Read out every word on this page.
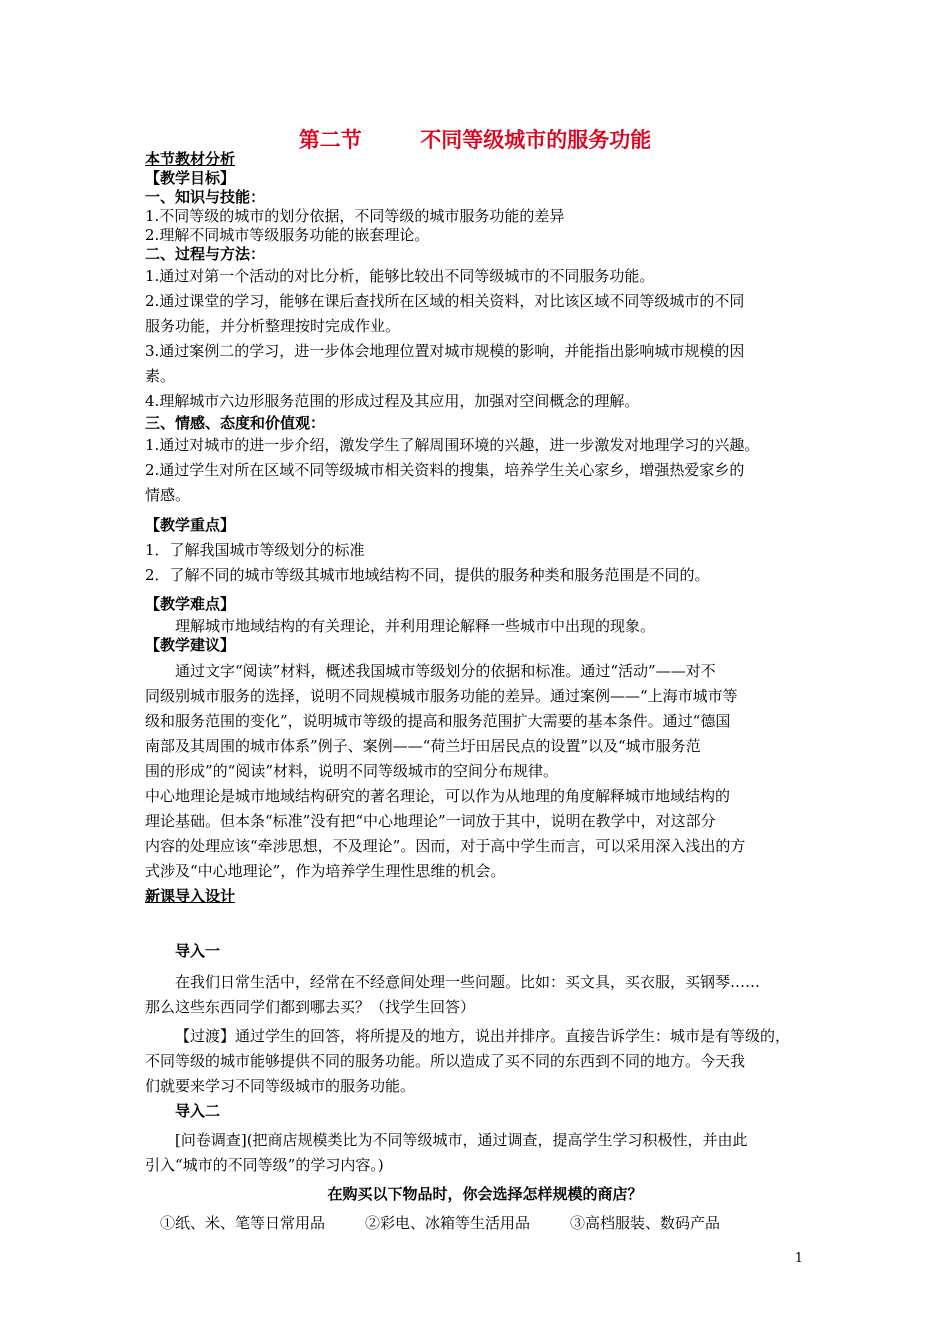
第二节        不同等级城市的服务功能

本节教材分析

【教学目标】

一、知识与技能：

1.不同等级的城市的划分依据，不同等级的城市服务功能的差异

2.理解不同城市等级服务功能的嵌套理论。

二、过程与方法：

1.通过对第一个活动的对比分析，能够比较出不同等级城市的不同服务功能。

2.通过课堂的学习，能够在课后查找所在区域的相关资料，对比该区域不同等级城市的不同

服务功能，并分析整理按时完成作业。

3.通过案例二的学习，进一步体会地理位置对城市规模的影响，并能指出影响城市规模的因

素。

4.理解城市六边形服务范围的形成过程及其应用，加强对空间概念的理解。

三、情感、态度和价值观：

1.通过对城市的进一步介绍，激发学生了解周围环境的兴趣，进一步激发对地理学习的兴趣。

2.通过学生对所在区域不同等级城市相关资料的搜集，培养学生关心家乡，增强热爱家乡的

情感。

【教学重点】

1．了解我国城市等级划分的标准

2．了解不同的城市等级其城市地域结构不同，提供的服务种类和服务范围是不同的。

【教学难点】

理解城市地域结构的有关理论，并利用理论解释一些城市中出现的现象。

【教学建议】

通过文字“阅读”材料，概述我国城市等级划分的依据和标准。通过“活动”——对不

同级别城市服务的选择，说明不同规模城市服务功能的差异。通过案例——“上海市城市等

级和服务范围的变化”，说明城市等级的提高和服务范围扩大需要的基本条件。通过“德国

南部及其周围的城市体系”例子、案例——“荷兰圩田居民点的设置”以及“城市服务范

围的形成”的“阅读”材料，说明不同等级城市的空间分布规律。

中心地理论是城市地域结构研究的著名理论，可以作为从地理的角度解释城市地域结构的

理论基础。但本条“标准”没有把“中心地理论”一词放于其中，说明在教学中，对这部分

内容的处理应该“牵涉思想，不及理论”。因而，对于高中学生而言，可以采用深入浅出的方

式涉及“中心地理论”，作为培养学生理性思维的机会。

新课导入设计

导入一

在我们日常生活中，经常在不经意间处理一些问题。比如：买文具，买衣服，买钢琴……

那么这些东西同学们都到哪去买？（找学生回答）

【过渡】通过学生的回答，将所提及的地方，说出并排序。直接告诉学生：城市是有等级的，

不同等级的城市能够提供不同的服务功能。所以造成了买不同的东西到不同的地方。今天我

们就要来学习不同等级城市的服务功能。

导入二

[问卷调查](把商店规模类比为不同等级城市，通过调查，提高学生学习积极性，并由此

引入“城市的不同等级”的学习内容。)

在购买以下物品时，你会选择怎样规模的商店？

①纸、米、笔等日常用品	②彩电、冰箱等生活用品	③高档服装、数码产品

1
